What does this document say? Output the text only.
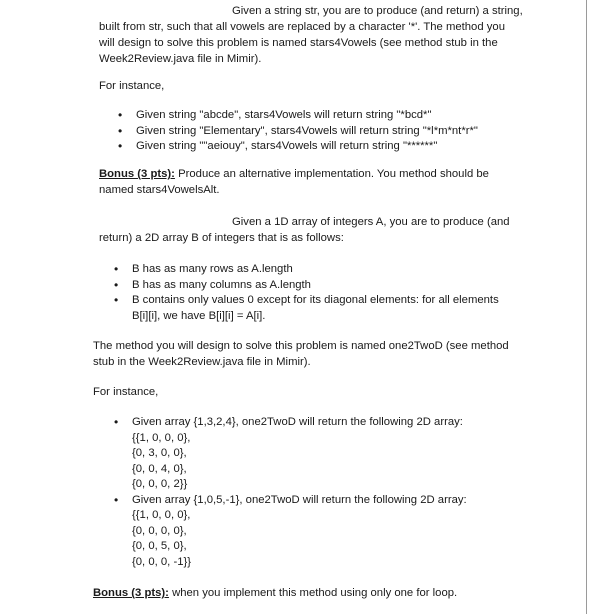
Given a string str, you are to produce (and return) a string,

built from str, such that all vowels are replaced by a character '*'. The method you

will design to solve this problem is named stars4Vowels (see method stub in the

Week2Review.java file in Mimir).

For instance,

• Given string "abcde", stars4Vowels will return string "*bcd*"
• Given string "Elementary", stars4Vowels will return string "*l*m*nt*r*"
• Given string ""aeiouy", stars4Vowels will return string "******"

Bonus (3 pts): Produce an alternative implementation. You method should be

named stars4VowelsAlt.

Given a 1D array of integers A, you are to produce (and

return) a 2D array B of integers that is as follows:

• B has as many rows as A.length
• B has as many columns as A.length
• B contains only values 0 except for its diagonal elements: for all elements

B[i][i], we have B[i][i] = A[i].

The method you will design to solve this problem is named one2TwoD (see method

stub in the Week2Review.java file in Mimir).

For instance,

• Given array {1,3,2,4}, one2TwoD will return the following 2D array:
{{1, 0, 0, 0},
{0, 3, 0, 0},
{0, 0, 4, 0},
{0, 0, 0, 2}}
• Given array {1,0,5,-1}, one2TwoD will return the following 2D array:
{{1, 0, 0, 0},
{0, 0, 0, 0},
{0, 0, 5, 0},
{0, 0, 0, -1}}

Bonus (3 pts): when you implement this method using only one for loop.
